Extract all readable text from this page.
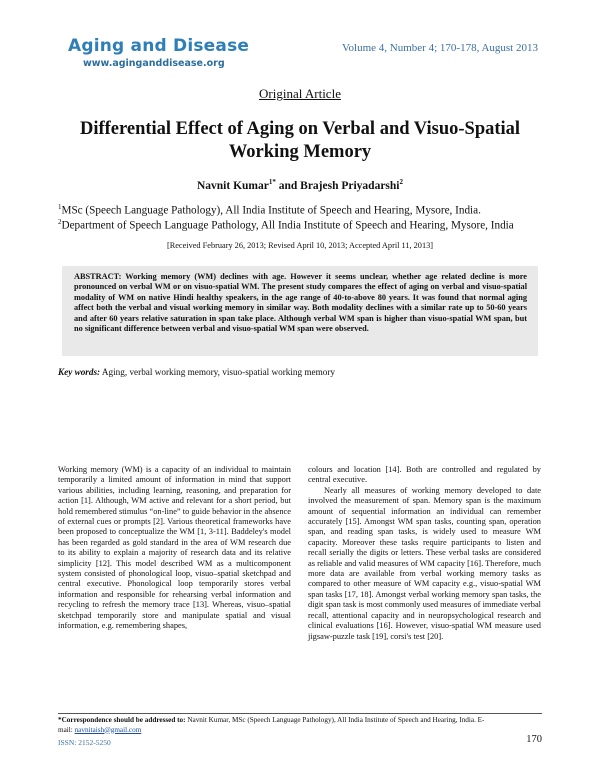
Aging and Disease
www.aginganddisease.org
Volume 4, Number 4; 170-178, August 2013
Original Article
Differential Effect of Aging on Verbal and Visuo-Spatial
Working Memory
Navnit Kumar$^{1*}$ and Brajesh Priyadarshi$^2$
$^1$MSc (Speech Language Pathology), All India Institute of Speech and Hearing, Mysore, India.
$^2$Department of Speech Language Pathology, All India Institute of Speech and Hearing, Mysore, India
[Received February 26, 2013; Revised April 10, 2013; Accepted April 11, 2013]
ABSTRACT: Working memory (WM) declines with age. However it seems unclear, whether age related decline is more pronounced on verbal WM or on visuo-spatial WM. The present study compares the effect of aging on verbal and visuo-spatial modality of WM on native Hindi healthy speakers, in the age range of 40-to-above 80 years. It was found that normal aging affect both the verbal and visual working memory in similar way. Both modality declines with a similar rate up to 50-60 years and after 60 years relative saturation in span take place. Although verbal WM span is higher than visuo-spatial WM span, but no significant difference between verbal and visuo-spatial WM span were observed.
Key words: Aging, verbal working memory, visuo-spatial working memory

Working memory (WM) is a capacity of an individual to maintain temporarily a limited amount of information in mind that support various abilities, including learning, reasoning, and preparation for action [1]. Although, WM active and relevant for a short period, but hold remembered stimulus “on-line” to guide behavior in the absence of external cues or prompts [2]. Various theoretical frameworks have been proposed to conceptualize the WM [1, 3-11]. Baddeley's model has been regarded as gold standard in the area of WM research due to its ability to explain a majority of research data and its relative simplicity [12]. This model described WM as a multicomponent system consisted of phonological loop, visuo–spatial sketchpad and central executive. Phonological loop temporarily stores verbal information and responsible for rehearsing verbal information and recycling to refresh the memory trace [13]. Whereas, visuo–spatial sketchpad temporarily store and manipulate spatial and visual information, e.g. remembering shapes,

colours and location [14]. Both are controlled and regulated by central executive.

Nearly all measures of working memory developed to date involved the measurement of span. Memory span is the maximum amount of sequential information an individual can remember accurately [15]. Amongst WM span tasks, counting span, operation span, and reading span tasks, is widely used to measure WM capacity. Moreover these tasks require participants to listen and recall serially the digits or letters. These verbal tasks are considered as reliable and valid measures of WM capacity [16]. Therefore, much more data are available from verbal working memory tasks as compared to other measure of WM capacity e.g., visuo-spatial WM span tasks [17, 18]. Amongst verbal working memory span tasks, the digit span task is most commonly used measures of immediate verbal recall, attentional capacity and in neuropsychological research and clinical evaluations [16]. However, visuo-spatial WM measure used jigsaw-puzzle task [19], corsi's test [20].

*Correspondence should be addressed to: Navnit Kumar, MSc (Speech Language Pathology), All India Institute of Speech and Hearing, India. E-mail: navnitaish@gmail.com
ISSN: 2152-5250	170
